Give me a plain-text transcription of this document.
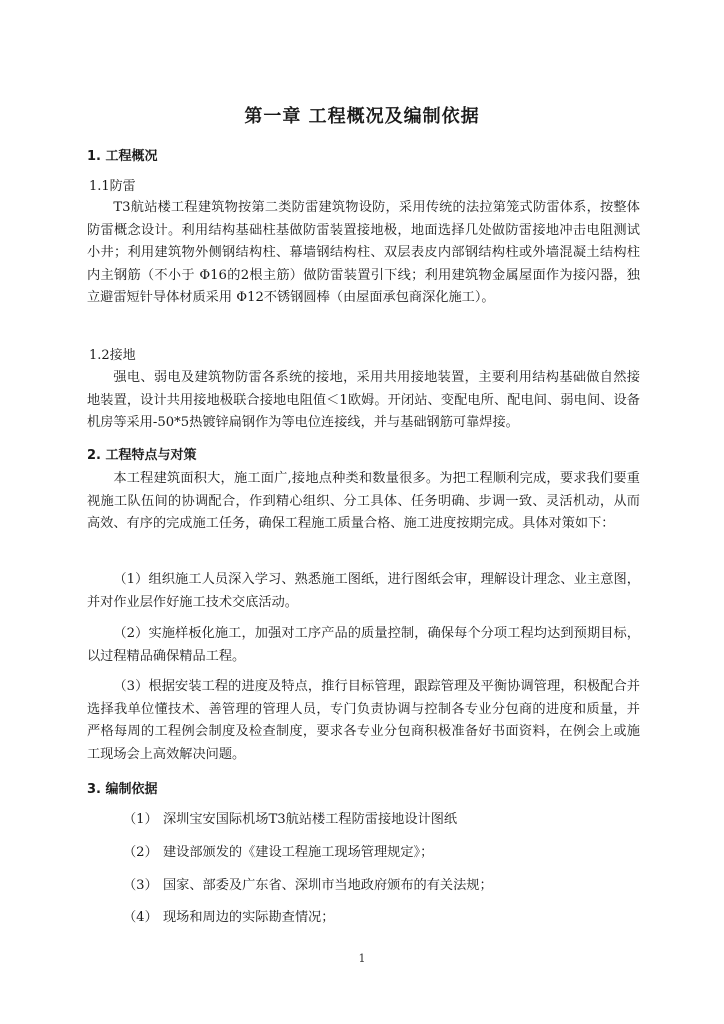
第一章 工程概况及编制依据
1. 工程概况
1.1防雷

T3航站楼工程建筑物按第二类防雷建筑物设防，采用传统的法拉第笼式防雷体系，按整体防雷概念设计。利用结构基础柱基做防雷装置接地极，地面选择几处做防雷接地冲击电阻测试小井；利用建筑物外侧钢结构柱、幕墙钢结构柱、双层表皮内部钢结构柱或外墙混凝土结构柱内主钢筋（不小于 Φ16的2根主筋）做防雷装置引下线；利用建筑物金属屋面作为接闪器，独立避雷短针导体材质采用 Φ12不锈钢圆棒（由屋面承包商深化施工）。

1.2接地

强电、弱电及建筑物防雷各系统的接地，采用共用接地装置，主要利用结构基础做自然接地装置，设计共用接地极联合接地电阻值＜1欧姆。开闭站、变配电所、配电间、弱电间、设备机房等采用-50*5热镀锌扁钢作为等电位连接线，并与基础钢筋可靠焊接。

2. 工程特点与对策

本工程建筑面积大，施工面广,接地点种类和数量很多。为把工程顺利完成，要求我们要重视施工队伍间的协调配合，作到精心组织、分工具体、任务明确、步调一致、灵活机动，从而高效、有序的完成施工任务，确保工程施工质量合格、施工进度按期完成。具体对策如下：

（1）组织施工人员深入学习、熟悉施工图纸，进行图纸会审，理解设计理念、业主意图，并对作业层作好施工技术交底活动。

（2）实施样板化施工，加强对工序产品的质量控制，确保每个分项工程均达到预期目标，以过程精品确保精品工程。

（3）根据安装工程的进度及特点，推行目标管理，跟踪管理及平衡协调管理，积极配合并选择我单位懂技术、善管理的管理人员，专门负责协调与控制各专业分包商的进度和质量，并严格每周的工程例会制度及检查制度，要求各专业分包商积极准备好书面资料，在例会上或施工现场会上高效解决问题。

3. 编制依据
（1） 深圳宝安国际机场T3航站楼工程防雷接地设计图纸
（2） 建设部颁发的《建设工程施工现场管理规定》；
（3） 国家、部委及广东省、深圳市当地政府颁布的有关法规；
（4） 现场和周边的实际勘查情况；
1
